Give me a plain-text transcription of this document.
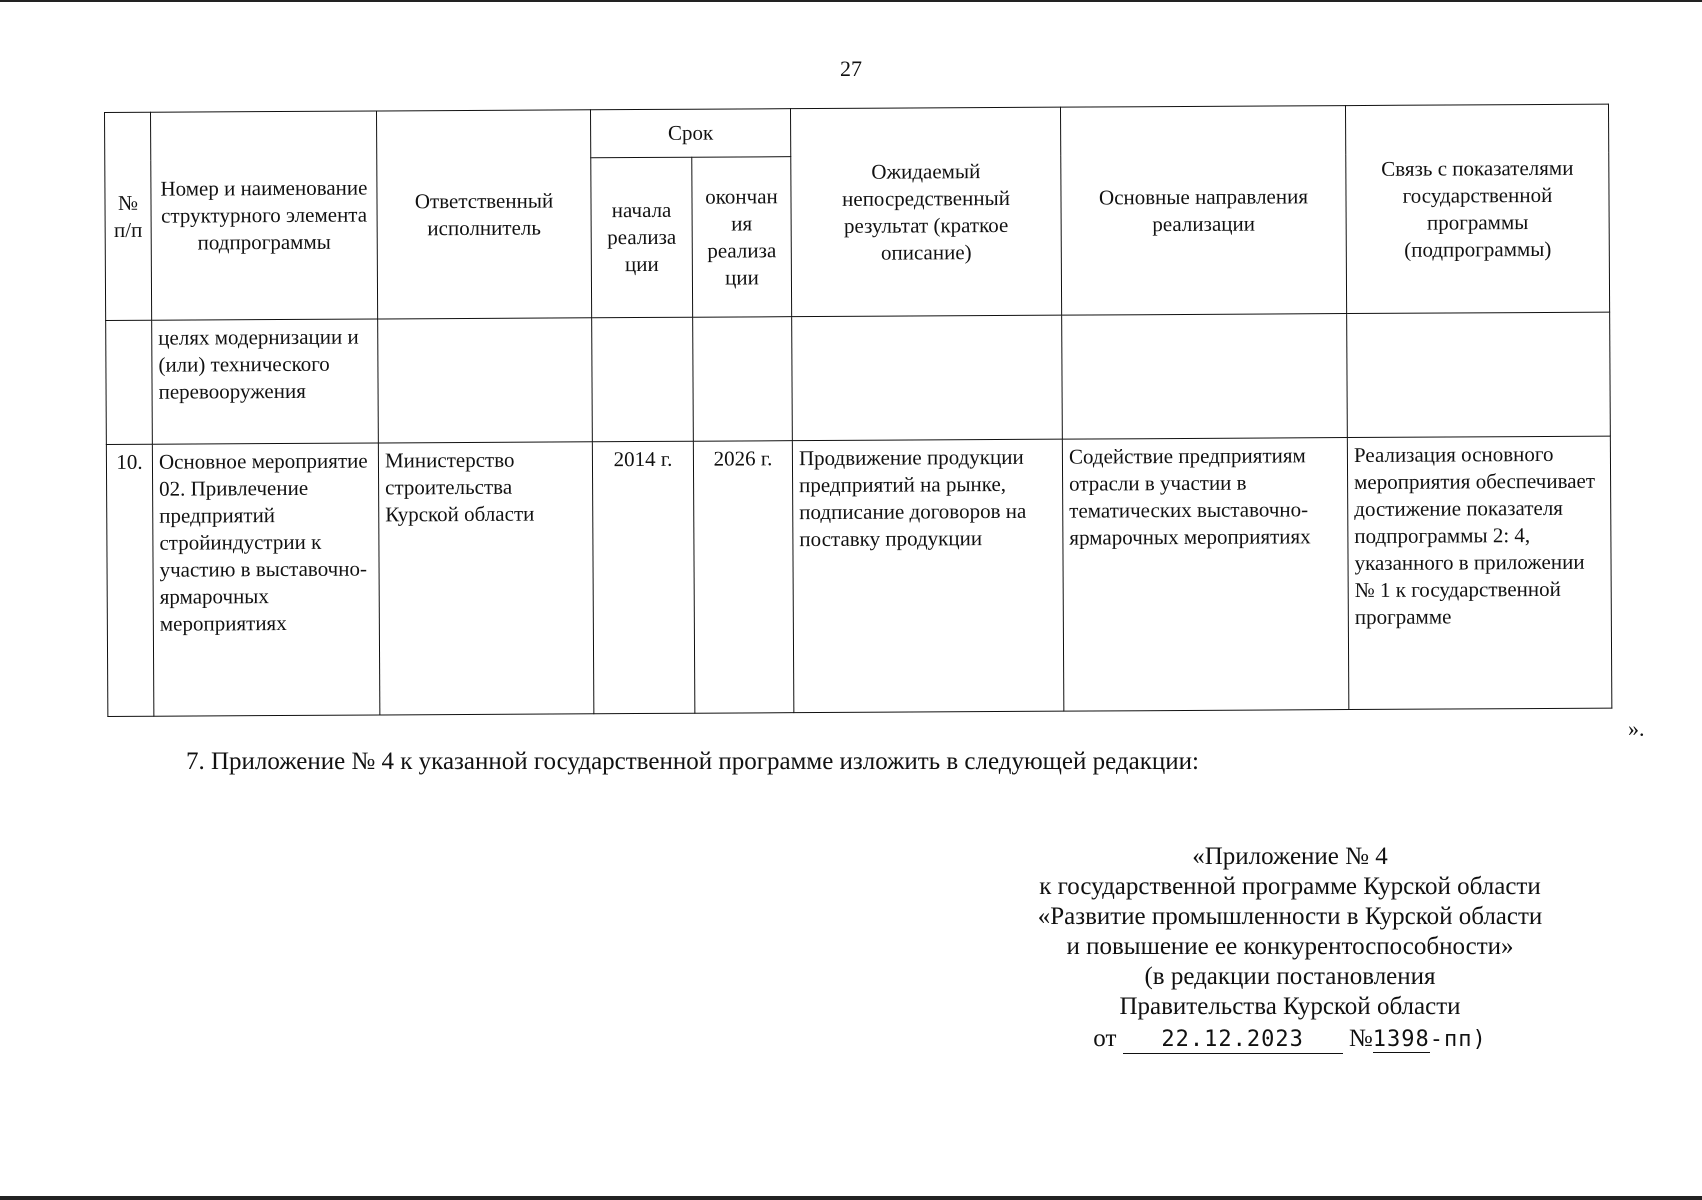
27
№ п/п	Номер и наименование структурного элемента подпрограммы	Ответственный исполнитель	Срок		Ожидаемый непосредственный результат (краткое описание)	Основные направления реализации	Связь с показателями государственной программы (подпрограммы)
			начала реализа ции	окончан ия реализа ции			
	целях модернизации и (или) технического перевооружения						
10.	Основное мероприятие 02. Привлечение предприятий стройиндустрии к участию в выставочно-ярмарочных мероприятиях	Министерство строительства Курской области	2014 г.	2026 г.	Продвижение продукции предприятий на рынке, подписание договоров на поставку продукции	Содействие предприятиям отрасли в участии в тематических выставочно-ярмарочных мероприятиях	Реализация основного мероприятия обеспечивает достижение показателя подпрограммы 2: 4, указанного в приложении № 1 к государственной программе
».
7. Приложение № 4 к указанной государственной программе изложить в следующей редакции:
«Приложение № 4
к государственной программе Курской области
«Развитие промышленности в Курской области
и повышение ее конкурентоспособности»
(в редакции постановления
Правительства Курской области
от 22.12.2023 №1398-пп)
